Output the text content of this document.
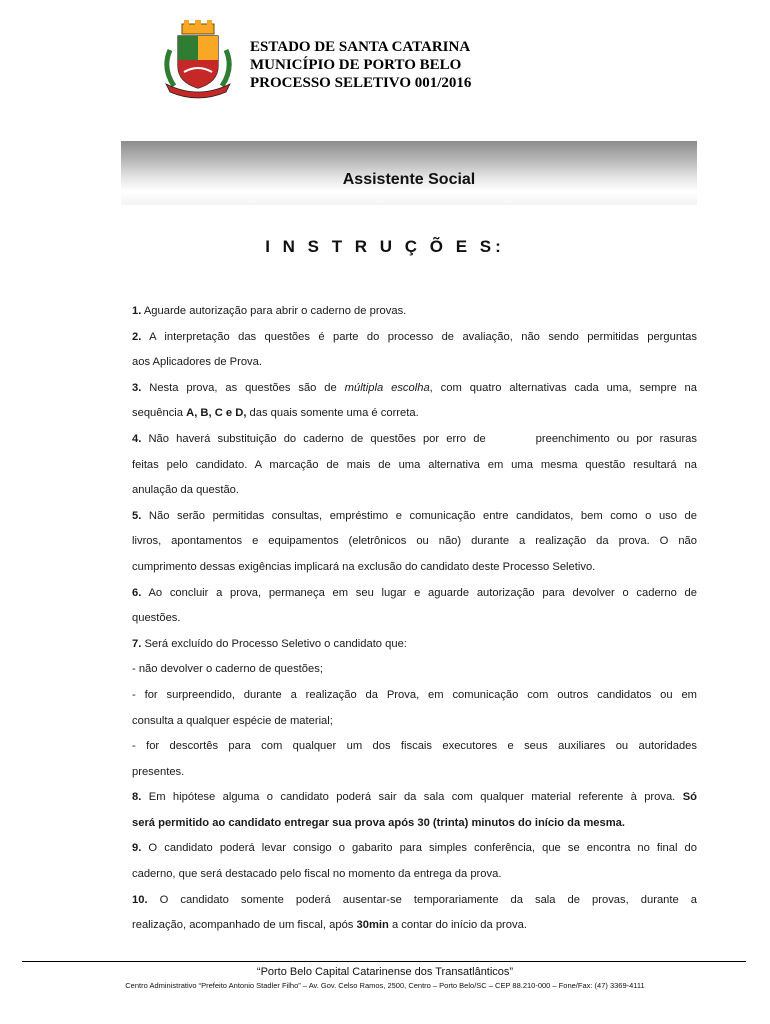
ESTADO DE SANTA CATARINA
MUNICÍPIO DE PORTO BELO
PROCESSO SELETIVO 001/2016
Assistente Social
I N S T R U Ç Õ E S:
1. Aguarde autorização para abrir o caderno de provas.
2. A interpretação das questões é parte do processo de avaliação, não sendo permitidas perguntas
aos Aplicadores de Prova.
3. Nesta prova, as questões são de múltipla escolha, com quatro alternativas cada uma, sempre na
sequência A, B, C e D, das quais somente uma é correta.
4. Não haverá substituição do caderno de questões por erro de       preenchimento ou por rasuras
feitas pelo candidato. A marcação de mais de uma alternativa em uma mesma questão resultará na
anulação da questão.
5. Não serão permitidas consultas, empréstimo e comunicação entre candidatos, bem como o uso de
livros, apontamentos e equipamentos (eletrônicos ou não) durante a realização da prova. O não
cumprimento dessas exigências implicará na exclusão do candidato deste Processo Seletivo.
6. Ao concluir a prova, permaneça em seu lugar e aguarde autorização para devolver o caderno de
questões.
7. Será excluído do Processo Seletivo o candidato que:
- não devolver o caderno de questões;
- for surpreendido, durante a realização da Prova, em comunicação com outros candidatos ou em
consulta a qualquer espécie de material;
- for descortês para com qualquer um dos fiscais executores e seus auxiliares ou autoridades
presentes.
8. Em hipótese alguma o candidato poderá sair da sala com qualquer material referente à prova. Só
será permitido ao candidato entregar sua prova após 30 (trinta) minutos do início da mesma.
9. O candidato poderá levar consigo o gabarito para simples conferência, que se encontra no final do
caderno, que será destacado pelo fiscal no momento da entrega da prova.
10. O candidato somente poderá ausentar-se temporariamente da sala de provas, durante a
realização, acompanhado de um fiscal, após 30min a contar do início da prova.
“Porto Belo Capital Catarinense dos Transatlânticos”
Centro Administrativo “Prefeito Antonio Stadler Filho” – Av. Gov. Celso Ramos, 2500, Centro – Porto Belo/SC – CEP 88.210-000 – Fone/Fax: (47) 3369-4111
